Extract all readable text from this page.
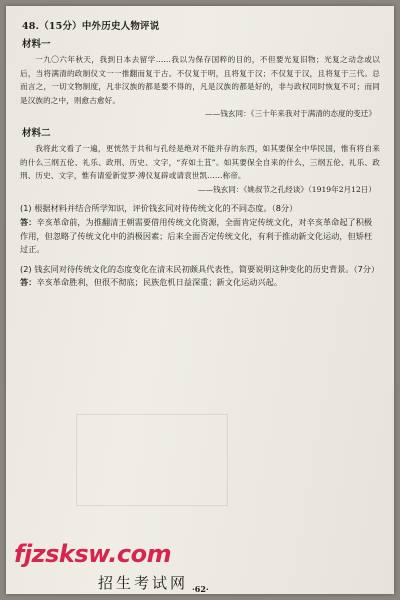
48.（15分）中外历史人物评说

材料一

一九〇六年秋天，我到日本去留学……我以为保存国粹的目的，不但要光复旧物；光复之动念或以后，当将满清的政制仪文一一推翻而复于古。不仅复于明，且将复于汉；不仅复于汉，且将复于三代。总而言之，一切文物制度，凡非汉族的都是要不得的，凡是汉族的都是好的，非与政权同时恢复不可；而同是汉族的之中，则愈古愈好。

——钱玄同：《三十年来我对于满清的态度的变迁》

材料二

我将此文看了一遍，更恍然于共和与孔经是绝对不能并存的东西，如其要保全中华民国，惟有将自来的什么三纲五伦、礼乐、政刑、历史、文字，“弃如土苴”。如其要保全自来的什么，三纲五伦、礼乐、政刑、历史、文字，惟有请爱新觉罗·溥仪复辟或请袁世凯……称帝。

——钱玄同：《姚叔节之孔经谈》（1919年2月12日）

(1) 根据材料并结合所学知识，评价钱玄同对待传统文化的不同态度。（8分）

答：辛亥革命前，为推翻清王朝需要借用传统文化资源，全面肯定传统文化，对辛亥革命起了积极作用，但忽略了传统文化中的消极因素；后来全面否定传统文化，有利于推动新文化运动，但矫枉过正。

(2) 钱玄同对待传统文化的态度变化在清末民初颇具代表性，简要说明这种变化的历史背景。（7分）

答：辛亥革命胜利，但很不彻底；民族危机日益深重；新文化运动兴起。

fjzsksw.com
招生考试网 ·62·
